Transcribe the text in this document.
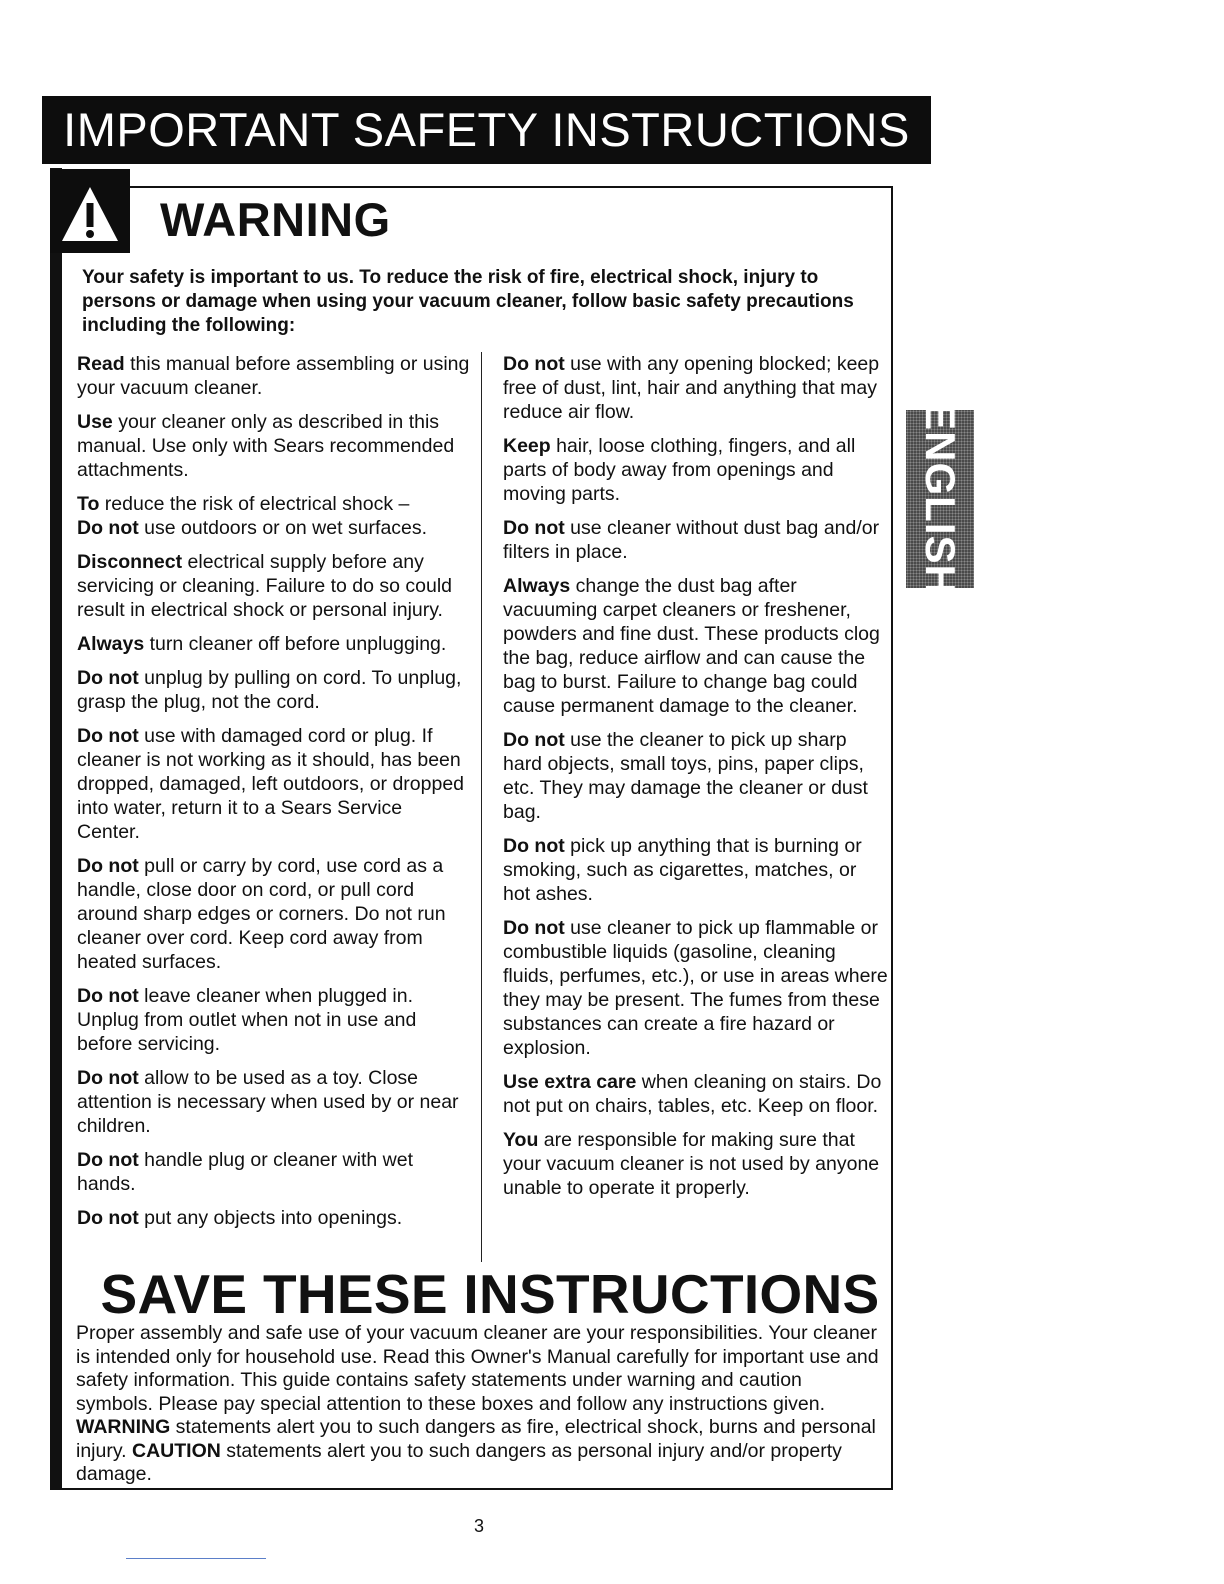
IMPORTANT SAFETY INSTRUCTIONS
WARNING
Your safety is important to us. To reduce the risk of fire, electrical shock, injury to persons or damage when using your vacuum cleaner, follow basic safety precautions including the following:

Read this manual before assembling or using your vacuum cleaner.

Use your cleaner only as described in this manual. Use only with Sears recommended attachments.

To reduce the risk of electrical shock –
Do not use outdoors or on wet surfaces.

Disconnect electrical supply before any servicing or cleaning. Failure to do so could result in electrical shock or personal injury.

Always turn cleaner off before unplugging.

Do not unplug by pulling on cord. To unplug, grasp the plug, not the cord.

Do not use with damaged cord or plug. If cleaner is not working as it should, has been dropped, damaged, left outdoors, or dropped into water, return it to a Sears Service Center.

Do not pull or carry by cord, use cord as a handle, close door on cord, or pull cord around sharp edges or corners. Do not run cleaner over cord. Keep cord away from heated surfaces.

Do not leave cleaner when plugged in. Unplug from outlet when not in use and before servicing.

Do not allow to be used as a toy. Close attention is necessary when used by or near children.

Do not handle plug or cleaner with wet hands.

Do not put any objects into openings.

Do not use with any opening blocked; keep free of dust, lint, hair and anything that may reduce air flow.

Keep hair, loose clothing, fingers, and all parts of body away from openings and moving parts.

Do not use cleaner without dust bag and/or filters in place.

Always change the dust bag after vacuuming carpet cleaners or freshener, powders and fine dust. These products clog the bag, reduce airflow and can cause the bag to burst. Failure to change bag could cause permanent damage to the cleaner.

Do not use the cleaner to pick up sharp hard objects, small toys, pins, paper clips, etc. They may damage the cleaner or dust bag.

Do not pick up anything that is burning or smoking, such as cigarettes, matches, or hot ashes.

Do not use cleaner to pick up flammable or combustible liquids (gasoline, cleaning fluids, perfumes, etc.), or use in areas where they may be present. The fumes from these substances can create a fire hazard or explosion.

Use extra care when cleaning on stairs. Do not put on chairs, tables, etc. Keep on floor.

You are responsible for making sure that your vacuum cleaner is not used by anyone unable to operate it properly.

SAVE THESE INSTRUCTIONS
Proper assembly and safe use of your vacuum cleaner are your responsibilities. Your cleaner is intended only for household use. Read this Owner's Manual carefully for important use and safety information. This guide contains safety statements under warning and caution symbols. Please pay special attention to these boxes and follow any instructions given. WARNING statements alert you to such dangers as fire, electrical shock, burns and personal injury. CAUTION statements alert you to such dangers as personal injury and/or property damage.
ENGLISH
3
